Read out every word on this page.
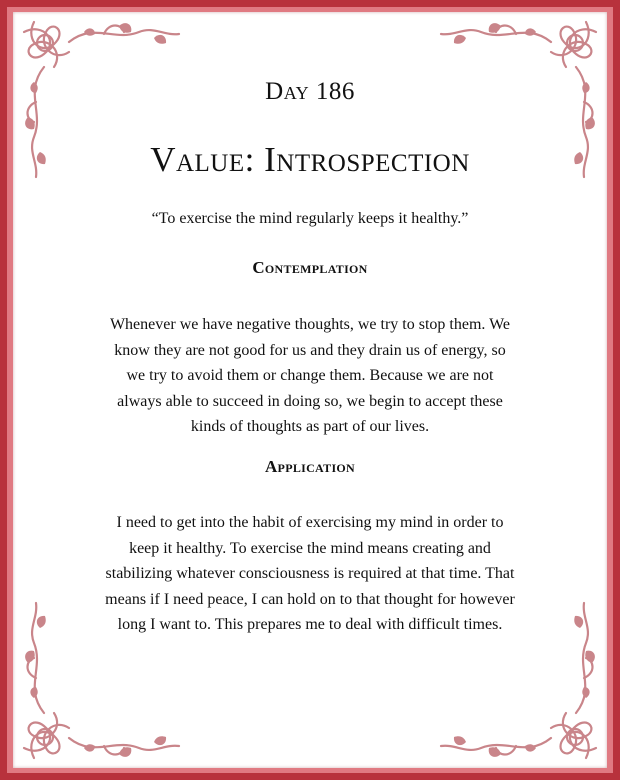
Day 186
Value: Introspection
“To exercise the mind regularly keeps it healthy.”
Contemplation
Whenever we have negative thoughts, we try to stop them. We
know they are not good for us and they drain us of energy, so
we try to avoid them or change them. Because we are not
always able to succeed in doing so, we begin to accept these
kinds of thoughts as part of our lives.
Application
I need to get into the habit of exercising my mind in order to
keep it healthy. To exercise the mind means creating and
stabilizing whatever consciousness is required at that time. That
means if I need peace, I can hold on to that thought for however
long I want to. This prepares me to deal with difficult times.
